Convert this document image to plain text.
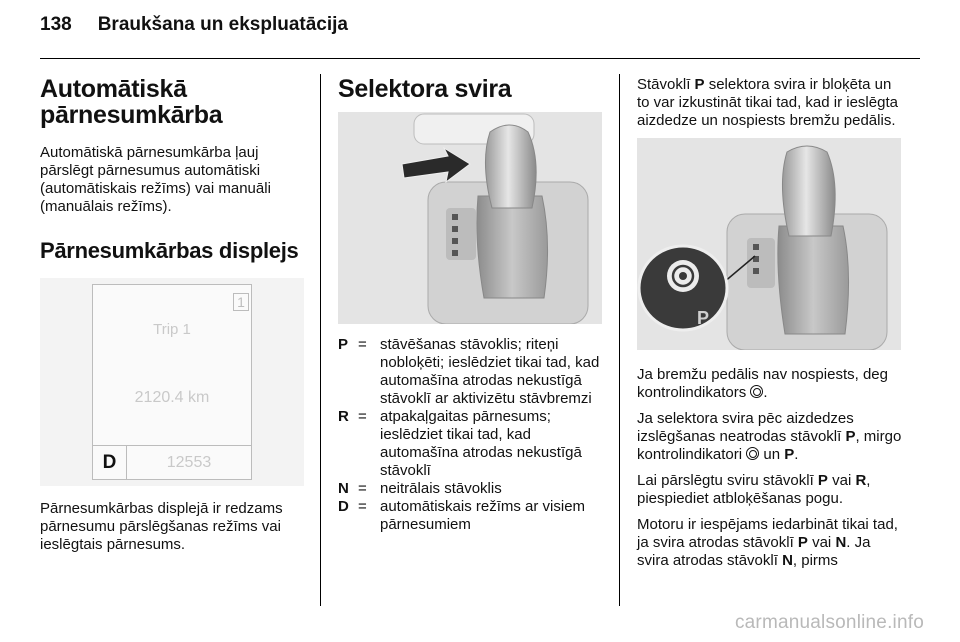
138 Braukšana un ekspluatācija
Automātiskā
pārnesumkārba

Automātiskā pārnesumkārba ļauj pārslēgt pārnesumus automātiski (automātiskais režīms) vai manuāli (manuālais režīms).

Pārnesumkārbas displejs
1
Trip 1
2120.4 km
D	12553

Pārnesumkārbas displejā ir redzams pārnesumu pārslēgšanas režīms vai ieslēgtais pārnesums.

Selektora svira
P = stāvēšanas stāvoklis; riteņi nobloķēti; ieslēdziet tikai tad, kad automašīna atrodas nekustīgā stāvoklī ar aktivizētu stāvbremzi
R = atpakaļgaitas pārnesums; ieslēdziet tikai tad, kad automašīna atrodas nekustīgā stāvoklī
N = neitrālais stāvoklis
D = automātiskais režīms ar visiem pārnesumiem

Stāvoklī P selektora svira ir bloķēta un to var izkustināt tikai tad, kad ir ieslēgta aizdedze un nospiests bremžu pedālis.

P

Ja bremžu pedālis nav nospiests, deg kontrolindikators .

Ja selektora svira pēc aizdedzes izslēgšanas neatrodas stāvoklī P, mirgo kontrolindikatori  un P.

Lai pārslēgtu sviru stāvoklī P vai R, piespiediet atbloķēšanas pogu.

Motoru ir iespējams iedarbināt tikai tad, ja svira atrodas stāvoklī P vai N. Ja svira atrodas stāvoklī N, pirms

carmanualsonline.info
